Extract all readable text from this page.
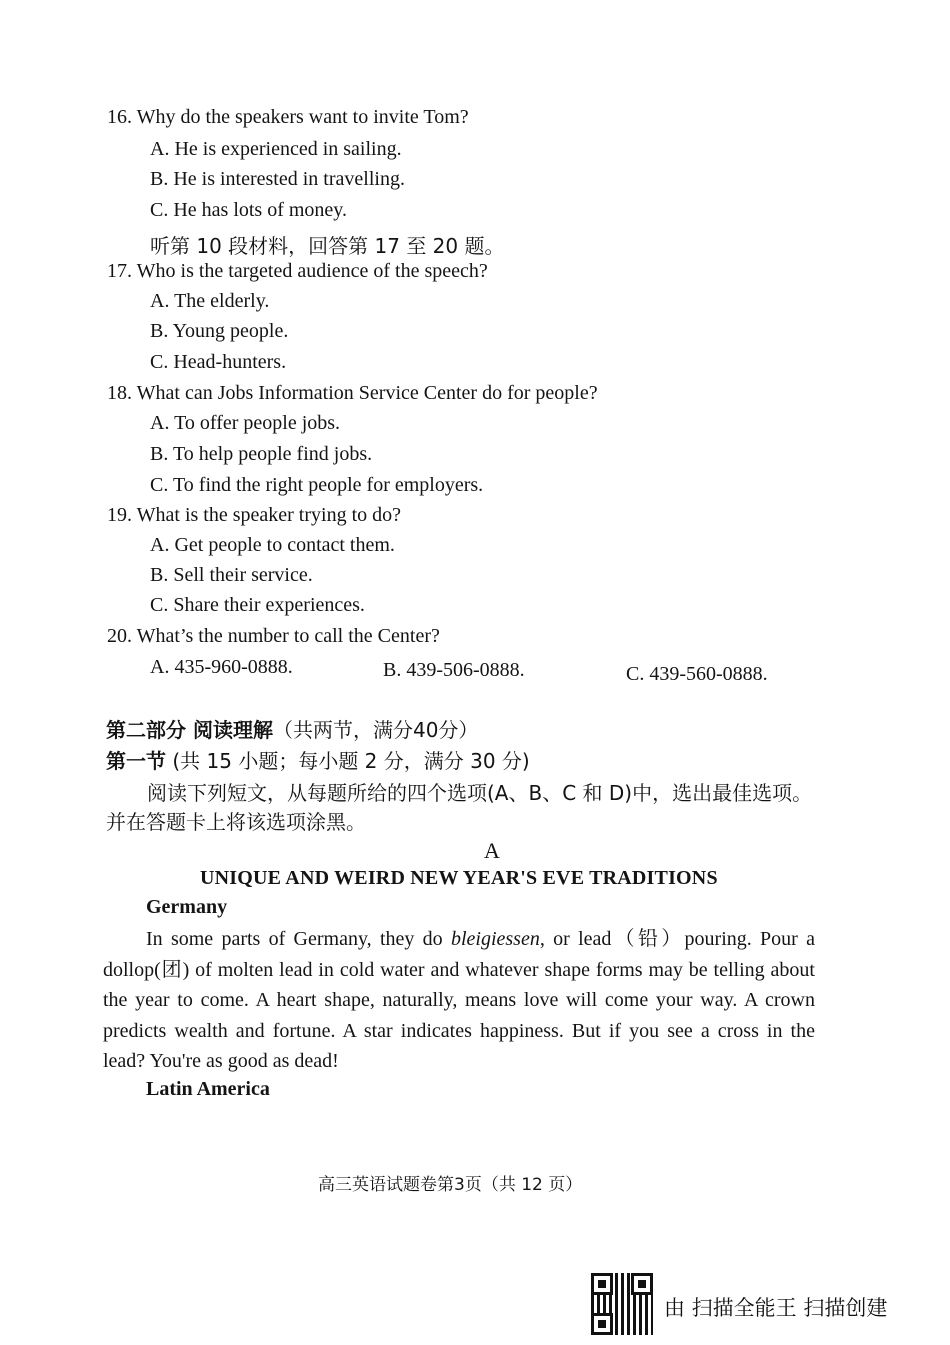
16. Why do the speakers want to invite Tom?
A. He is experienced in sailing.
B. He is interested in travelling.
C. He has lots of money.
听第 10 段材料，回答第 17 至 20 题。
17. Who is the targeted audience of the speech?
A. The elderly.
B. Young people.
C. Head-hunters.
18. What can Jobs Information Service Center do for people?
A. To offer people jobs.
B. To help people find jobs.
C. To find the right people for employers.
19. What is the speaker trying to do?
A. Get people to contact them.
B. Sell their service.
C. Share their experiences.
20. What’s the number to call the Center?
A. 435-960-0888.	B. 439-506-0888.	C. 439-560-0888.
第二部分 阅读理解（共两节，满分40分）
第一节 (共 15 小题；每小题 2 分，满分 30 分)
阅读下列短文，从每题所给的四个选项(A、B、C 和 D)中，选出最佳选项。
并在答题卡上将该选项涂黑。
A
UNIQUE AND WEIRD NEW YEAR'S EVE TRADITIONS
Germany

In some parts of Germany, they do bleigiessen, or lead（铅）pouring. Pour a dollop(团) of molten lead in cold water and whatever shape forms may be telling about the year to come. A heart shape, naturally, means love will come your way. A crown predicts wealth and fortune. A star indicates happiness. But if you see a cross in the lead? You're as good as dead!

Latin America
高三英语试题卷第3页（共 12 页）
由 扫描全能王 扫描创建
